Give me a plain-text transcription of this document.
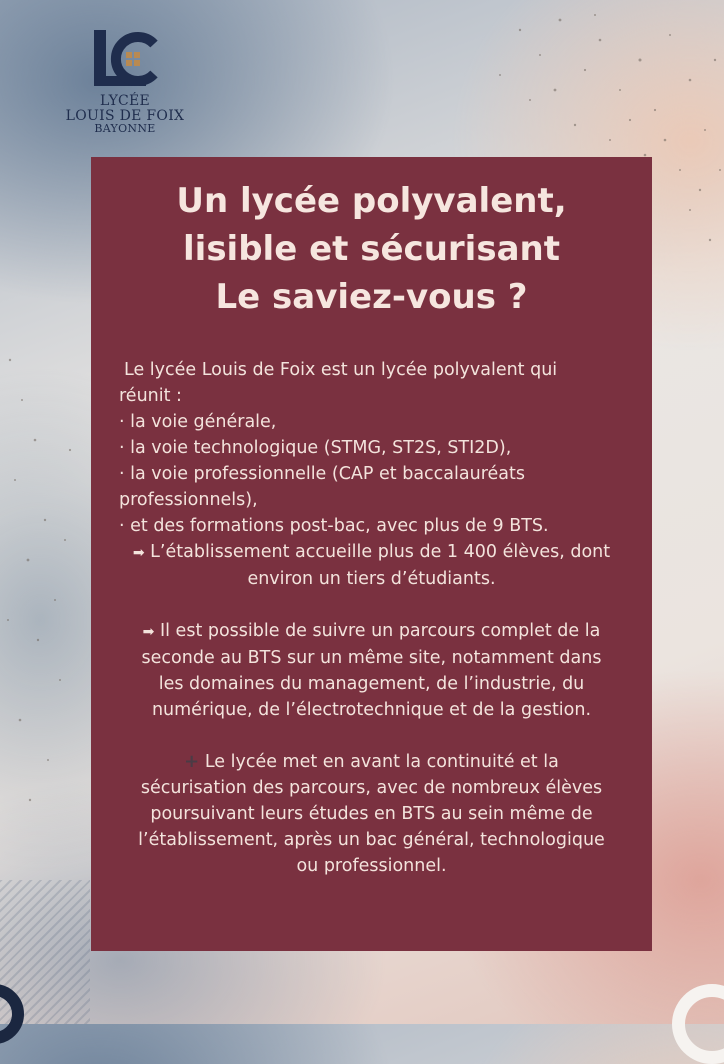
LYCÉE
LOUIS DE FOIX
BAYONNE
Un lycée polyvalent,
lisible et sécurisant
Le saviez-vous ?
Le lycée Louis de Foix est un lycée polyvalent qui
réunit :
· la voie générale,
· la voie technologique (STMG, ST2S, STI2D),
· la voie professionnelle (CAP et baccalauréats
professionnels),
· et des formations post-bac, avec plus de 9 BTS.
➡ L’établissement accueille plus de 1 400 élèves, dont
environ un tiers d’étudiants.
➡ Il est possible de suivre un parcours complet de la
seconde au BTS sur un même site, notamment dans
les domaines du management, de l’industrie, du
numérique, de l’électrotechnique et de la gestion.
+ Le lycée met en avant la continuité et la
sécurisation des parcours, avec de nombreux élèves
poursuivant leurs études en BTS au sein même de
l’établissement, après un bac général, technologique
ou professionnel.
